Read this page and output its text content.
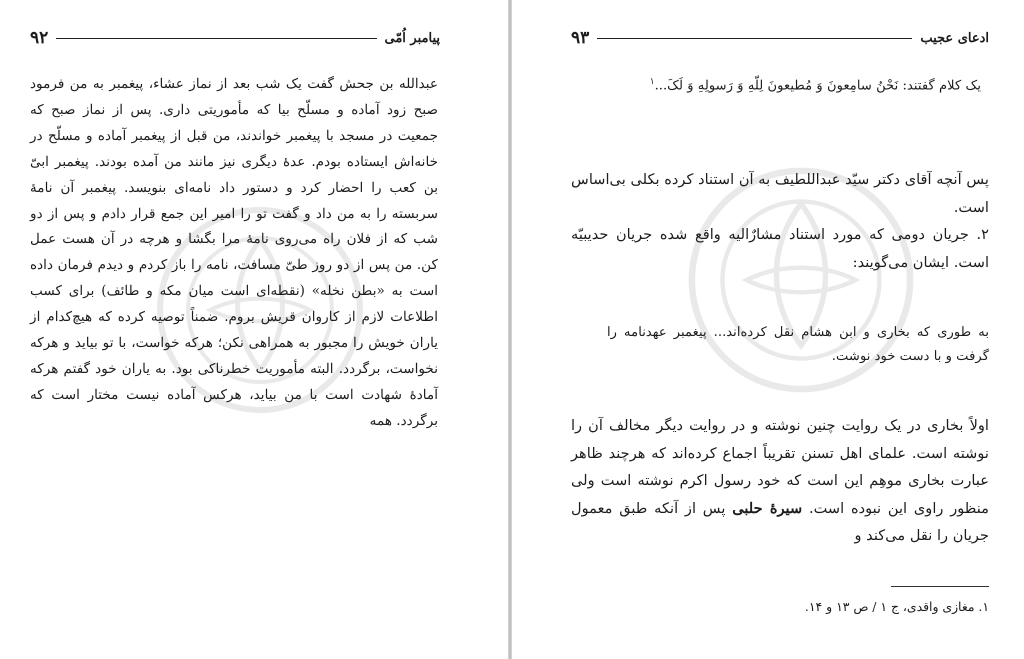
پیامبر اُمّی
۹۲

عبدالله بن جحش گفت یک شب بعد از نماز عشاء، پیغمبر به من فرمود صبح زود آماده و مسلّح بیا که مأموریتی داری. پس از نماز صبح که جمعیت در مسجد با پیغمبر خواندند، من قبل از پیغمبر آماده و مسلّح در خانه‌اش ایستاده بودم. عدهٔ دیگری نیز مانند من آمده بودند. پیغمبر ابیّ بن کعب را احضار کرد و دستور داد نامه‌ای بنویسد. پیغمبر آن نامهٔ سربسته را به من داد و گفت تو را امیر این جمع قرار دادم و پس از دو شب که از فلان راه می‌روی نامهٔ مرا بگشا و هرچه در آن هست عمل کن. من پس از دو روز طیّ مسافت، نامه را باز کردم و دیدم فرمان داده است به «بطن نخله» (نقطه‌ای است میان مکه و طائف) برای کسب اطلاعات لازم از کاروان قریش بروم. ضمناً توصیه کرده که هیچ‌کدام از یاران خویش را مجبور به همراهی نکن؛ هرکه خواست، با تو بیاید و هرکه نخواست، برگردد. البته مأموریت خطرناکی بود. به یاران خود گفتم هرکه آمادهٔ شهادت است با من بیاید، هرکس آماده نیست مختار است که برگردد. همه

ادعای عجیب
۹۳
یک کلام گفتند: نَحْنُ سامِعونَ وَ مُطیعونَ لِلّهِ وَ رَسولِهِ وَ لَکَ...$^۱$

پس آنچه آقای دکتر سیّد عبداللطیف به آن استناد کرده بکلی بی‌اساس است.

۲. جریان دومی که مورد استناد مشارٌالیه واقع شده جریان حدیبیّه است. ایشان می‌گویند:

به طوری که بخاری و ابن هشام نقل کرده‌اند... پیغمبر عهدنامه را گرفت و با دست خود نوشت.
اولاً بخاری در یک روایت چنین نوشته و در روایت دیگر مخالف آن را نوشته است. علمای اهل تسنن تقریباً اجماع کرده‌اند که هرچند ظاهر عبارت بخاری موهِم این است که خود رسول اکرم نوشته است ولی منظور راوی این نبوده است. سیرهٔ حلبی پس از آنکه طبق معمول جریان را نقل می‌کند و
۱. مغازی واقدی، ج ۱ / ص ۱۳ و ۱۴.
